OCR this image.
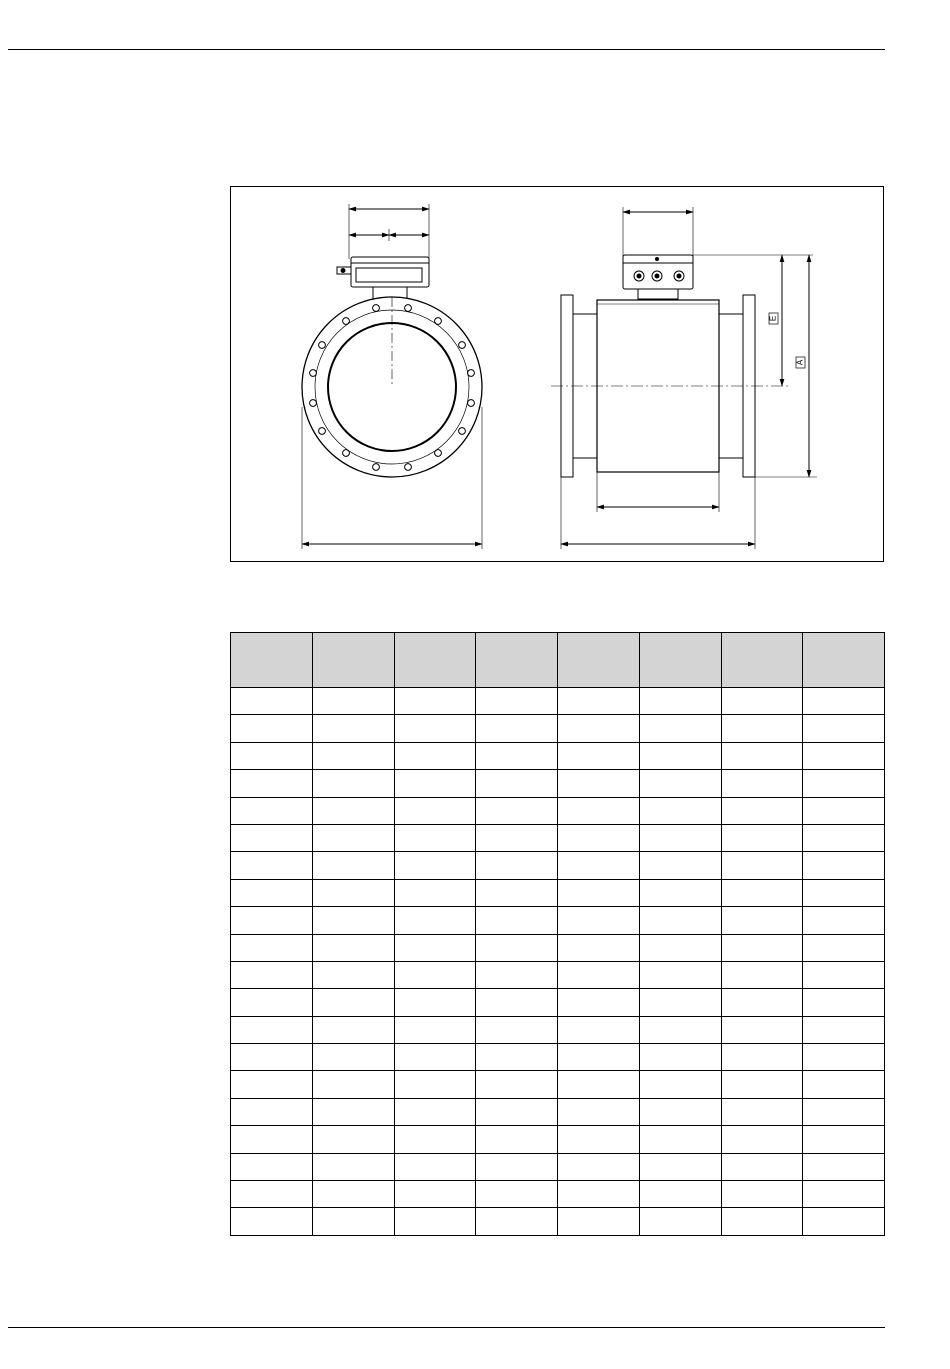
E
A
